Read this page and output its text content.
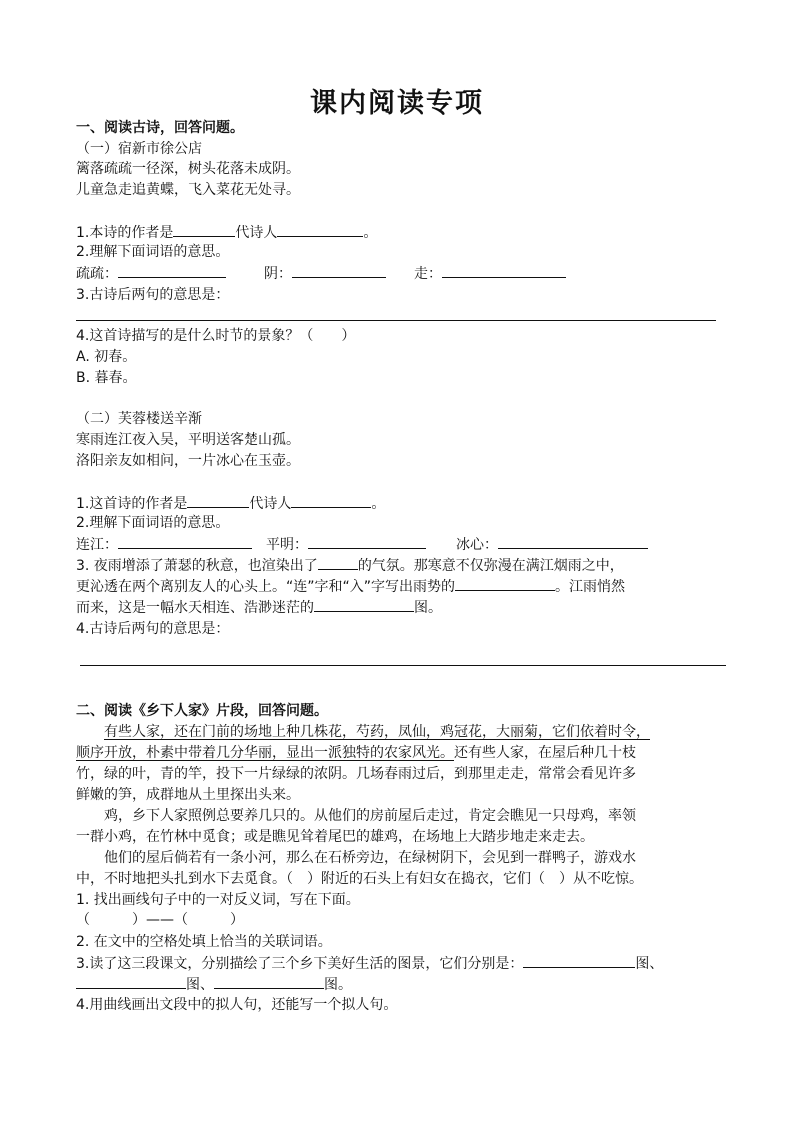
课内阅读专项
一、阅读古诗，回答问题。
（一）宿新市徐公店
篱落疏疏一径深，树头花落未成阴。
儿童急走追黄蝶，飞入菜花无处寻。
1.本诗的作者是	代诗人	。
2.理解下面词语的意思。
疏疏：	阴：	走：
3.古诗后两句的意思是：
4.这首诗描写的是什么时节的景象？（　　）
A. 初春。
B. 暮春。
（二）芙蓉楼送辛渐
寒雨连江夜入吴，平明送客楚山孤。
洛阳亲友如相问，一片冰心在玉壶。
1.这首诗的作者是	代诗人	。
2.理解下面词语的意思。
连江：	平明：	冰心：
3. 夜雨增添了萧瑟的秋意，也渲染出了	的气氛。那寒意不仅弥漫在满江烟雨之中，
更沁透在两个离别友人的心头上。“连”字和“入”字写出雨势的	。江雨悄然
而来，这是一幅水天相连、浩渺迷茫的	图。
4.古诗后两句的意思是：
二、阅读《乡下人家》片段，回答问题。
有些人家，还在门前的场地上种几株花，芍药，凤仙，鸡冠花，大丽菊，它们依着时令，
顺序开放，朴素中带着几分华丽，显出一派独特的农家风光。还有些人家，在屋后种几十枝
竹，绿的叶，青的竿，投下一片绿绿的浓阴。几场春雨过后，到那里走走，常常会看见许多
鲜嫩的笋，成群地从土里探出头来。
鸡，乡下人家照例总要养几只的。从他们的房前屋后走过，肯定会瞧见一只母鸡，率领
一群小鸡，在竹林中觅食；或是瞧见耸着尾巴的雄鸡，在场地上大踏步地走来走去。
他们的屋后倘若有一条小河，那么在石桥旁边，在绿树阴下，会见到一群鸭子，游戏水
中，不时地把头扎到水下去觅食。（　）附近的石头上有妇女在捣衣，它们（　）从不吃惊。
1. 找出画线句子中的一对反义词，写在下面。
（　　　）——（　　　）
2. 在文中的空格处填上恰当的关联词语。
3.读了这三段课文，分别描绘了三个乡下美好生活的图景，它们分别是：	图、
图、	图。
4.用曲线画出文段中的拟人句，还能写一个拟人句。
